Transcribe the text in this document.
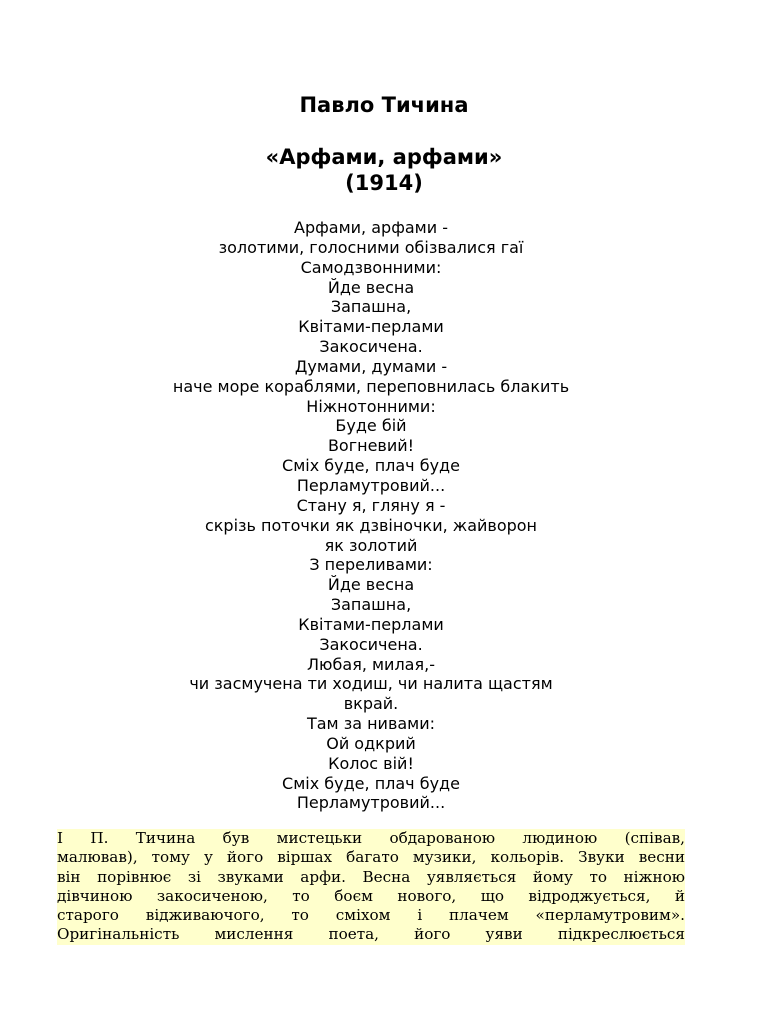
Павло Тичина
«Арфами, арфами»
(1914)
Арфами, арфами -
золотими, голосними обізвалися гаї
Самодзвонними:
Йде весна
Запашна,
Квітами-перлами
Закосичена.
Думами, думами -
наче море кораблями, переповнилась блакить
Ніжнотонними:
Буде бій
Вогневий!
Сміх буде, плач буде
Перламутровий...
Стану я, гляну я -
скрізь поточки як дзвіночки, жайворон
як золотий
З переливами:
Йде весна
Запашна,
Квітами-перлами
Закосичена.
Любая, милая,-
чи засмучена ти ходиш, чи налита щастям
вкрай.
Там за нивами:
Ой одкрий
Колос вій!
Сміх буде, плач буде
Перламутровий...
І П. Тичина був мистецьки обдарованою людиною (співав,
малював), тому у його віршах багато музики, кольорів. Звуки весни
він порівнює зі звуками арфи. Весна уявляється йому то ніжною
дівчиною закосиченою, то боєм нового, що відроджується, й
старого відживаючого, то сміхом і плачем «перламутровим».
Оригінальність мислення поета, його уяви підкреслюється
